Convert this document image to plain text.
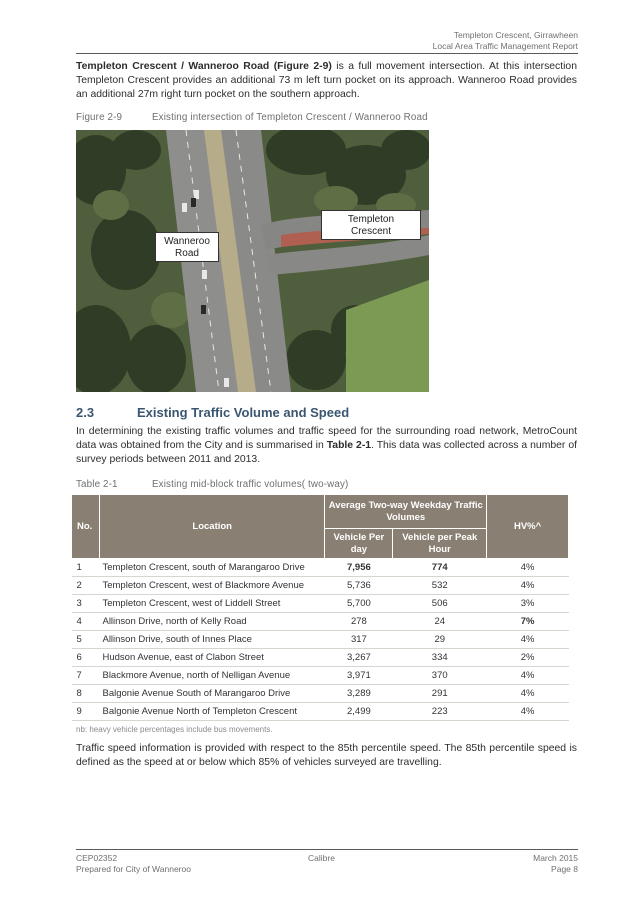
Templeton Crescent, Girrawheen
Local Area Traffic Management Report

Templeton Crescent / Wanneroo Road (Figure 2-9) is a full movement intersection. At this intersection Templeton Crescent provides an additional 73 m left turn pocket on its approach. Wanneroo Road provides an additional 27m right turn pocket on the southern approach.

Figure 2-9	Existing intersection of Templeton Crescent / Wanneroo Road
Wanneroo
Road
Templeton
Crescent
2.3	Existing Traffic Volume and Speed

In determining the existing traffic volumes and traffic speed for the surrounding road network, MetroCount data was obtained from the City and is summarised in Table 2-1. This data was collected across a number of survey periods between 2011 and 2013.

Table 2-1	Existing mid-block traffic volumes( two-way)
No.	Location	Average Two-way Weekday Traffic Volumes		HV%^
		Vehicle Per day	Vehicle per Peak Hour	
1	Templeton Crescent, south of Marangaroo Drive	7,956	774	4%
2	Templeton Crescent, west of Blackmore Avenue	5,736	532	4%
3	Templeton Crescent, west of Liddell Street	5,700	506	3%
4	Allinson Drive, north of Kelly Road	278	24	7%
5	Allinson Drive, south of Innes Place	317	29	4%
6	Hudson Avenue, east of Clabon Street	3,267	334	2%
7	Blackmore Avenue, north of Nelligan Avenue	3,971	370	4%
8	Balgonie Avenue South of Marangaroo Drive	3,289	291	4%
9	Balgonie Avenue North of Templeton Crescent	2,499	223	4%
nb: heavy vehicle percentages include bus movements.

Traffic speed information is provided with respect to the 85th percentile speed. The 85th percentile speed is defined as the speed at or below which 85% of vehicles surveyed are travelling.

CEP02352
Prepared for City of Wanneroo
Calibre	March 2015
Page 8
